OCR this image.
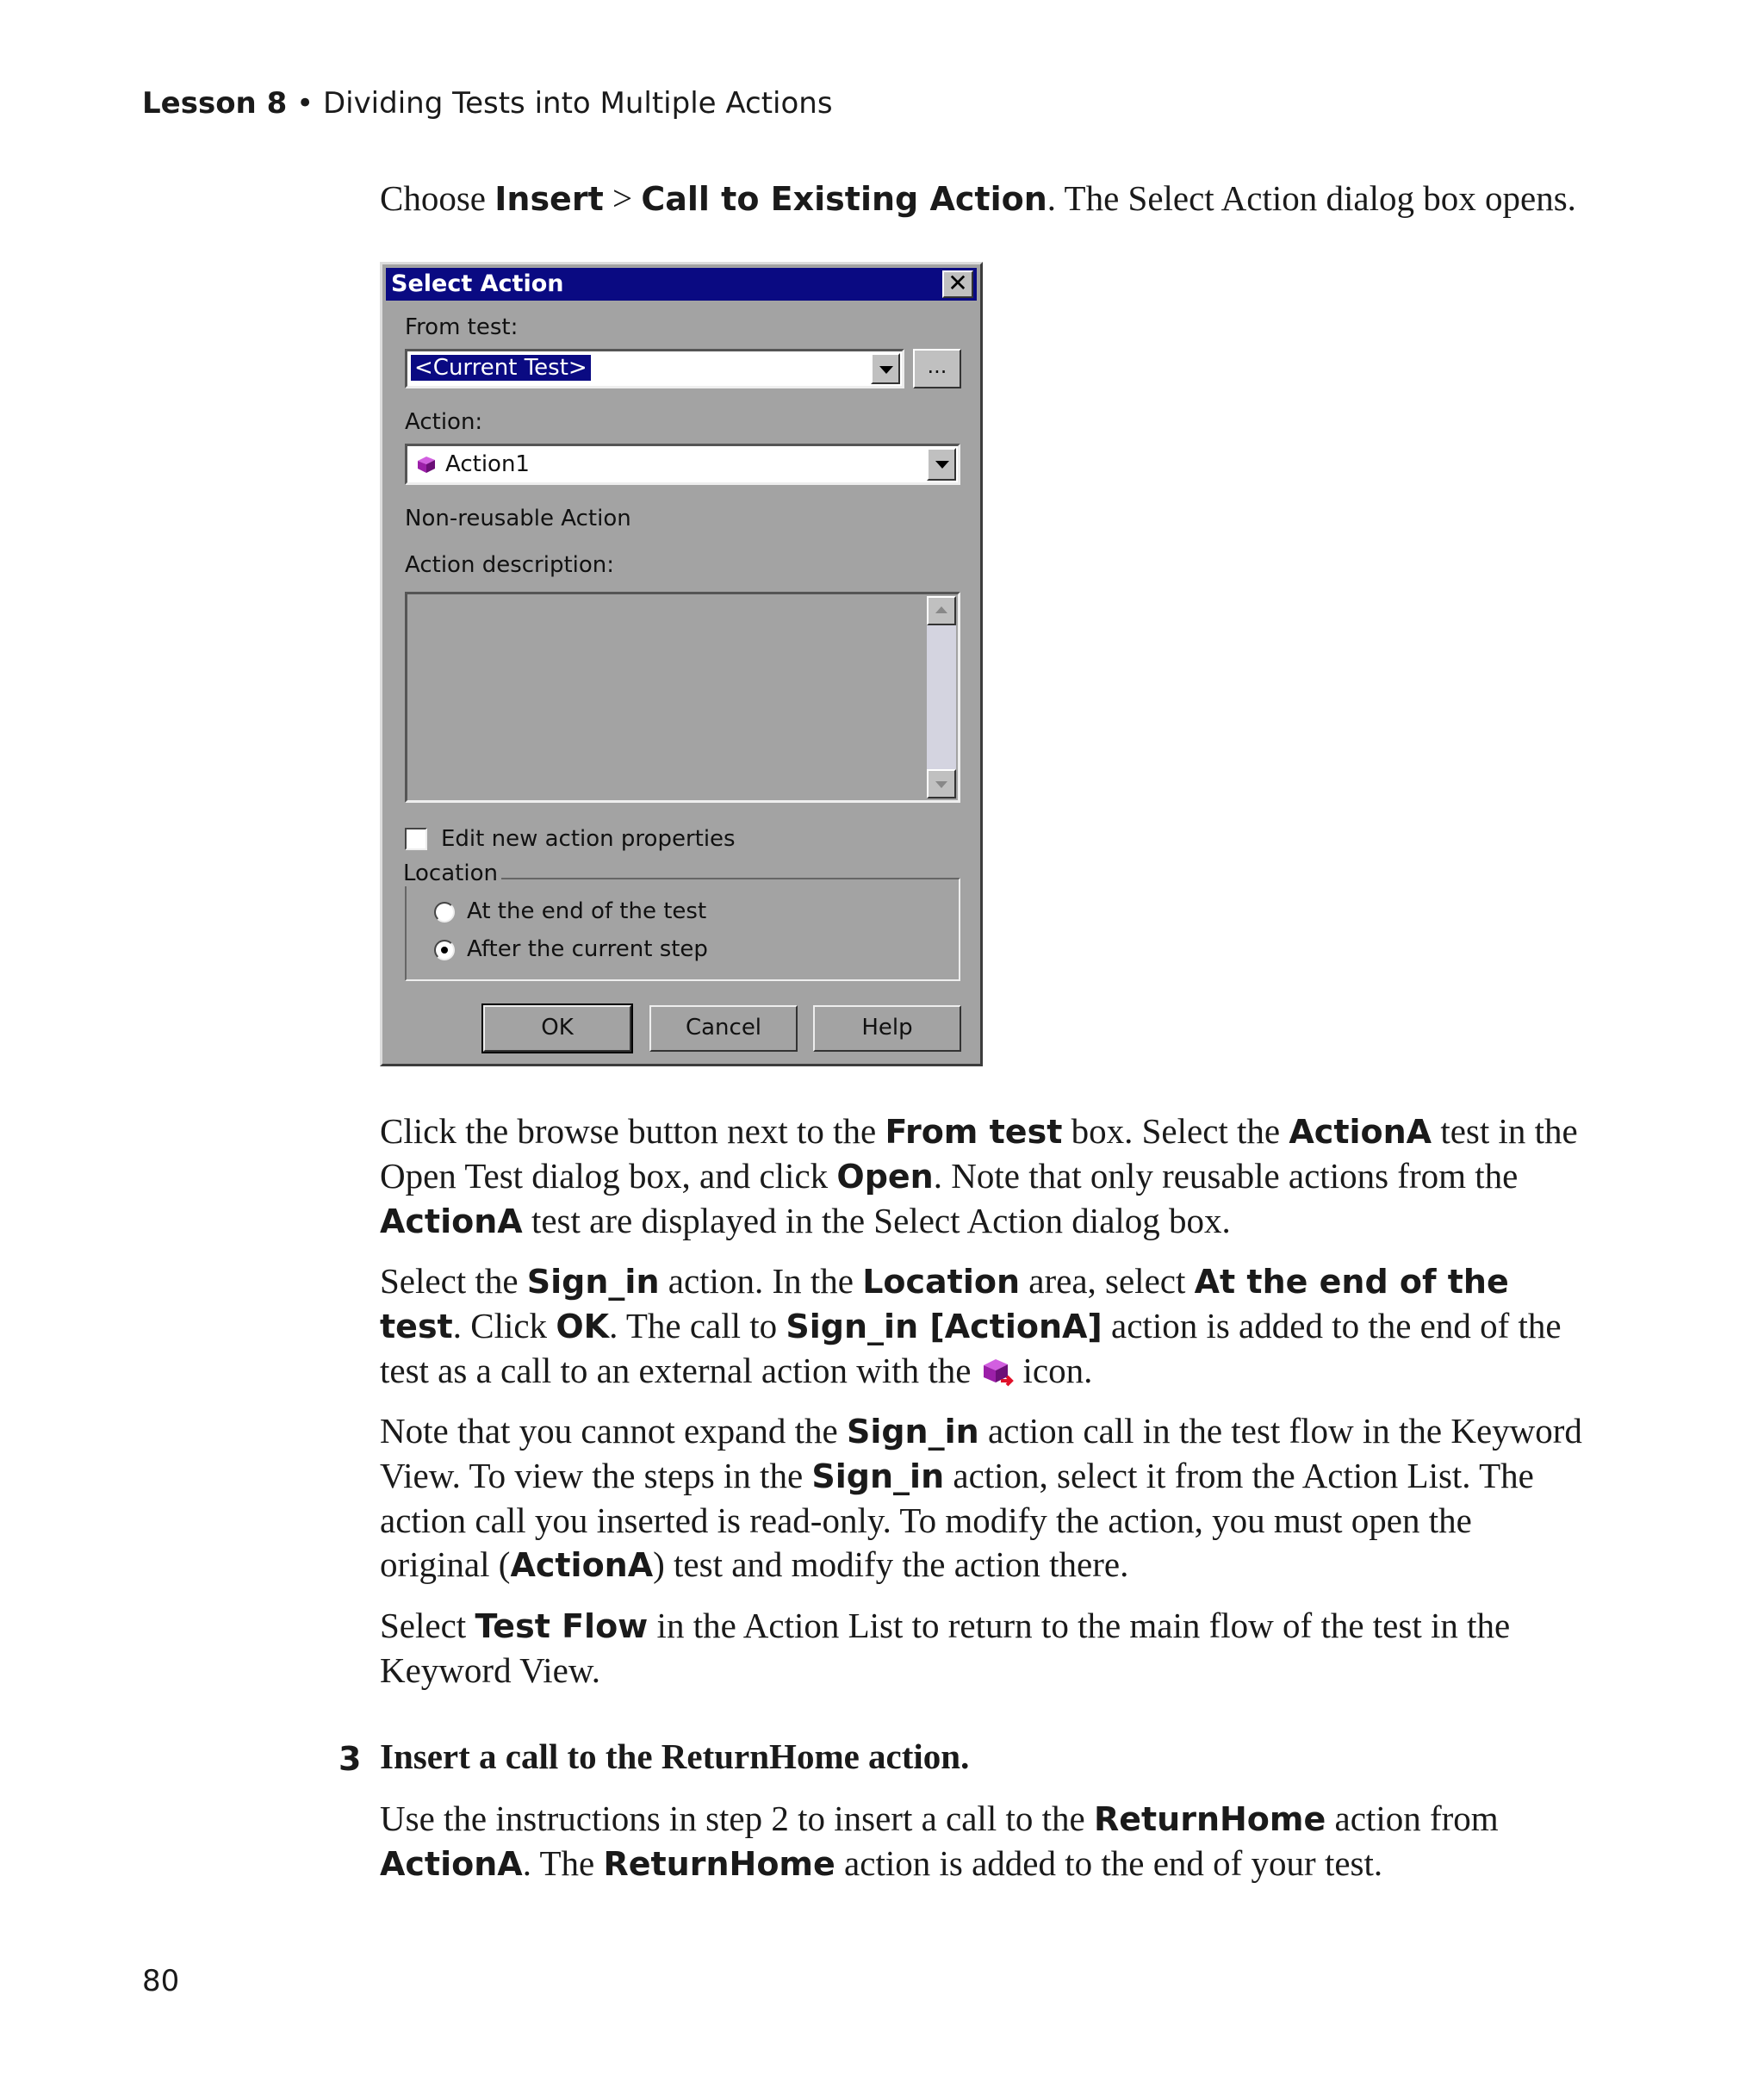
Lesson 8 • Dividing Tests into Multiple Actions
Choose Insert > Call to Existing Action. The Select Action dialog box opens.
Select Action	✕
From test:
<Current Test>	...
Action:
Action1
Non-reusable Action
Action description:
Edit new action properties
Location
At the end of the test
After the current step
OK	Cancel	Help
Click the browse button next to the From test box. Select the ActionA test in the Open Test dialog box, and click Open. Note that only reusable actions from the ActionA test are displayed in the Select Action dialog box.
Select the Sign_in action. In the Location area, select At the end of the test. Click OK. The call to Sign_in [ActionA] action is added to the end of the test as a call to an external action with the icon.
Note that you cannot expand the Sign_in action call in the test flow in the Keyword View. To view the steps in the Sign_in action, select it from the Action List. The action call you inserted is read-only. To modify the action, you must open the original (ActionA) test and modify the action there.
Select Test Flow in the Action List to return to the main flow of the test in the Keyword View.
3 Insert a call to the ReturnHome action.
Use the instructions in step 2 to insert a call to the ReturnHome action from ActionA. The ReturnHome action is added to the end of your test.
80
